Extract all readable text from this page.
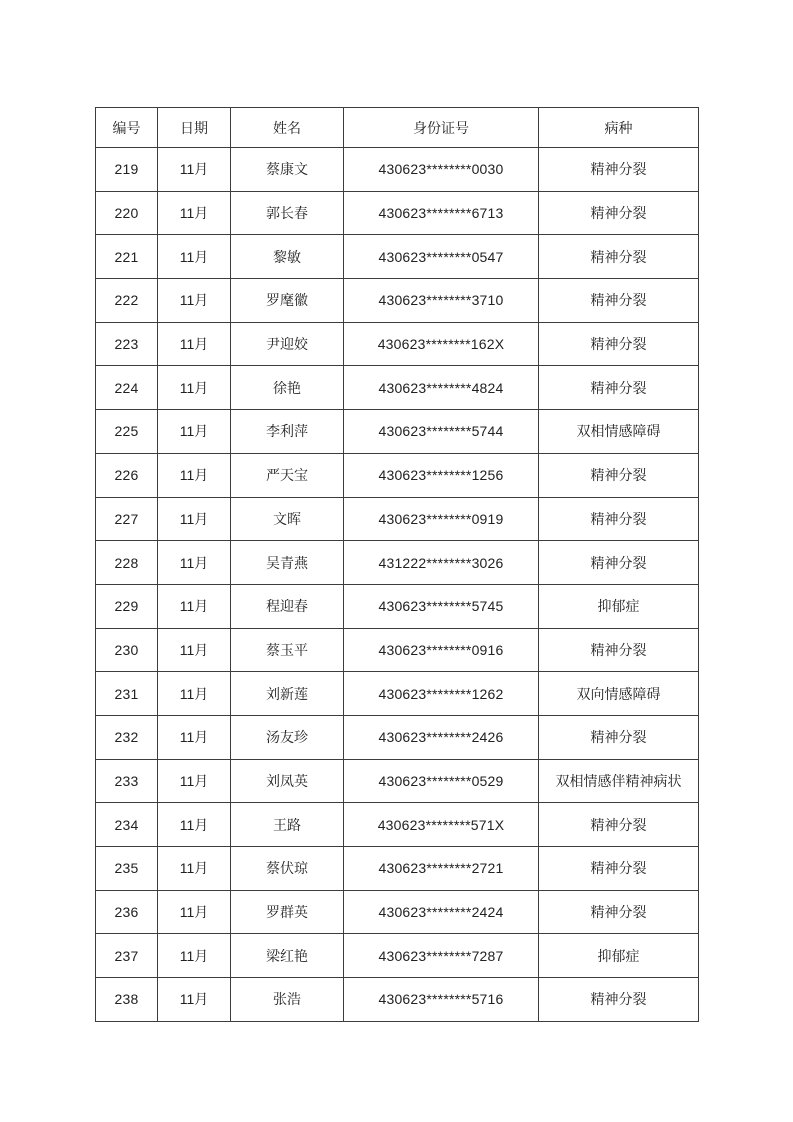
编号	日期	姓名	身份证号	病种
219	11月	蔡康文	430623********0030	精神分裂
220	11月	郭长春	430623********6713	精神分裂
221	11月	黎敏	430623********0547	精神分裂
222	11月	罗麾徽	430623********3710	精神分裂
223	11月	尹迎姣	430623********162X	精神分裂
224	11月	徐艳	430623********4824	精神分裂
225	11月	李利萍	430623********5744	双相情感障碍
226	11月	严天宝	430623********1256	精神分裂
227	11月	文晖	430623********0919	精神分裂
228	11月	吴青燕	431222********3026	精神分裂
229	11月	程迎春	430623********5745	抑郁症
230	11月	蔡玉平	430623********0916	精神分裂
231	11月	刘新莲	430623********1262	双向情感障碍
232	11月	汤友珍	430623********2426	精神分裂
233	11月	刘凤英	430623********0529	双相情感伴精神病状
234	11月	王路	430623********571X	精神分裂
235	11月	蔡伏琼	430623********2721	精神分裂
236	11月	罗群英	430623********2424	精神分裂
237	11月	梁红艳	430623********7287	抑郁症
238	11月	张浩	430623********5716	精神分裂
